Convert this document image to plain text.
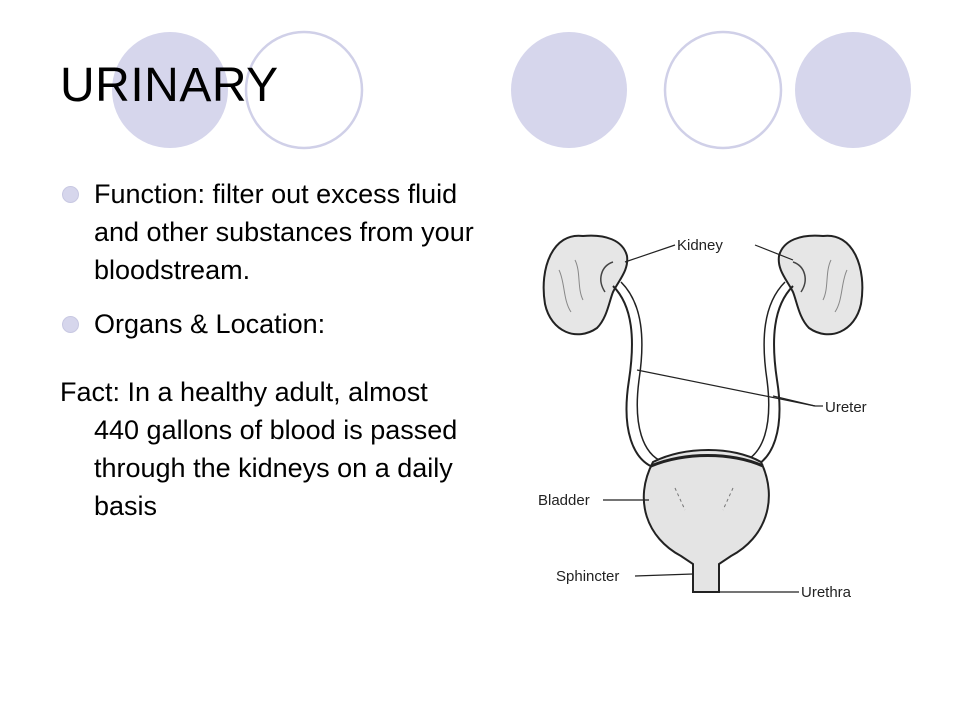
URINARY
Function: filter out excess fluid and other substances from your bloodstream.
Organs & Location:
Fact: In a healthy adult, almost 440 gallons of blood is passed through the kidneys on a daily basis
Kidney
Ureter
Bladder
Sphincter
Urethra
